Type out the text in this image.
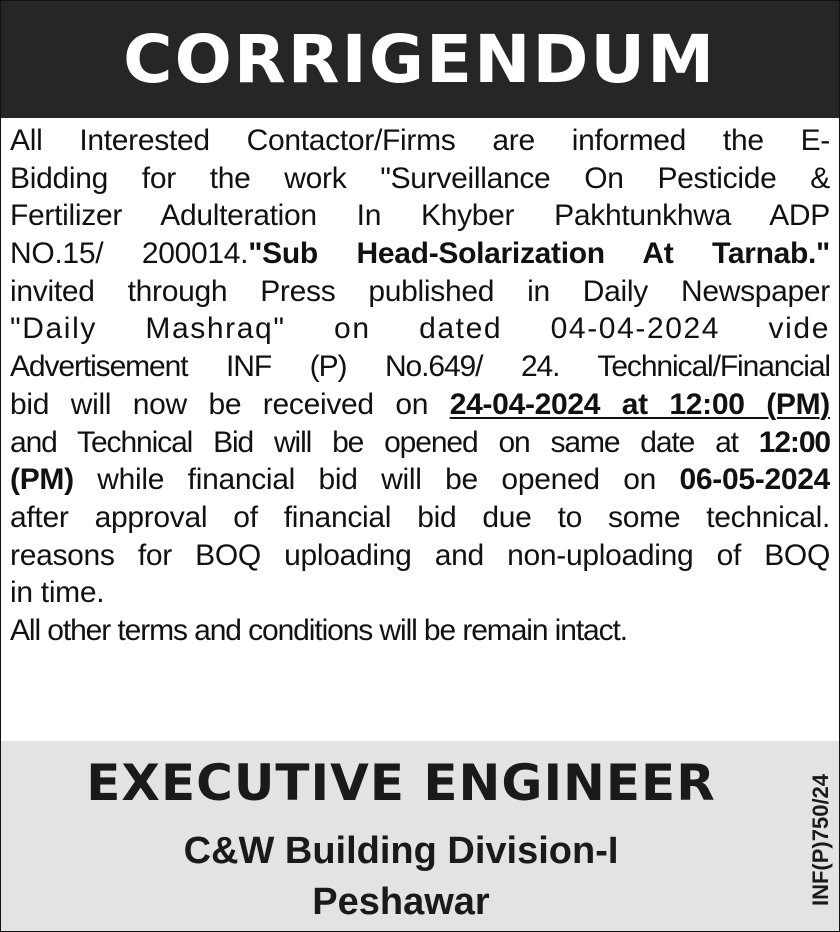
CORRIGENDUM
All Interested Contactor/Firms are informed the E-
Bidding for the work "Surveillance On Pesticide &
Fertilizer Adulteration In Khyber Pakhtunkhwa ADP
NO.15/ 200014."Sub Head-Solarization At Tarnab."
invited through Press published in Daily Newspaper
"Daily Mashraq" on dated 04-04-2024 vide
Advertisement INF (P) No.649/ 24. Technical/Financial
bid will now be received on 24-04-2024 at 12:00 (PM)
and Technical Bid will be opened on same date at 12:00
(PM) while financial bid will be opened on 06-05-2024
after approval of financial bid due to some technical.
reasons for BOQ uploading and non-uploading of BOQ
in time.
All other terms and conditions will be remain intact.
EXECUTIVE ENGINEER
C&W Building Division-I
Peshawar	INF(P)750/24
